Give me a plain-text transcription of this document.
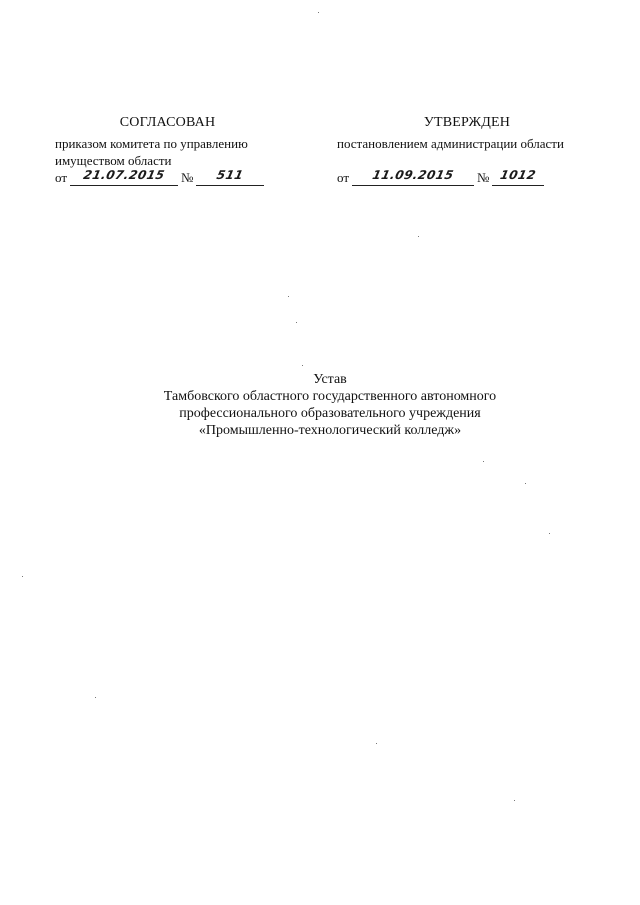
СОГЛАСОВАН
приказом комитета по управлению
имуществом области
от	21.07.2015	№	511
УТВЕРЖДЕН
постановлением администрации области
от	11.09.2015	№ 1012
Устав
Тамбовского областного государственного автономного
профессионального образовательного учреждения
«Промышленно-технологический колледж»
